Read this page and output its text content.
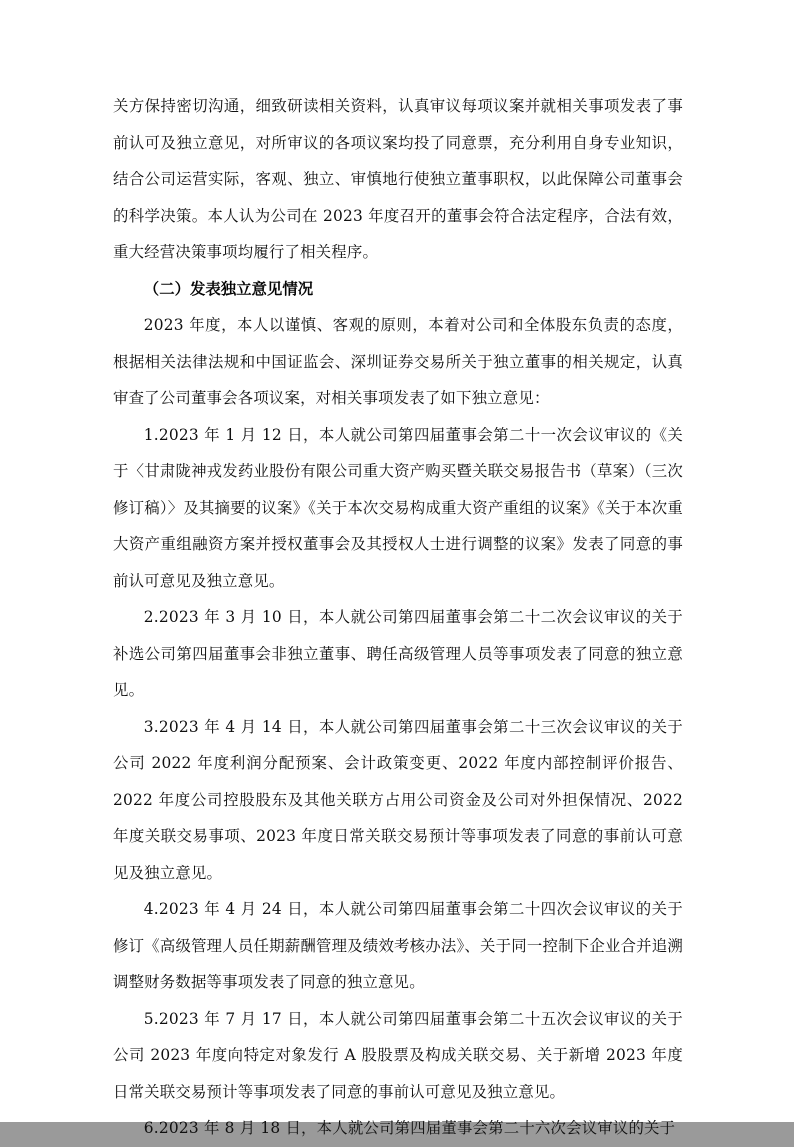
关方保持密切沟通，细致研读相关资料，认真审议每项议案并就相关事项发表了事前认可及独立意见，对所审议的各项议案均投了同意票，充分利用自身专业知识，结合公司运营实际，客观、独立、审慎地行使独立董事职权，以此保障公司董事会的科学决策。本人认为公司在 2023 年度召开的董事会符合法定程序，合法有效，重大经营决策事项均履行了相关程序。

（二）发表独立意见情况

2023 年度，本人以谨慎、客观的原则，本着对公司和全体股东负责的态度，根据相关法律法规和中国证监会、深圳证券交易所关于独立董事的相关规定，认真审查了公司董事会各项议案，对相关事项发表了如下独立意见：

1.2023 年 1 月 12 日，本人就公司第四届董事会第二十一次会议审议的《关于〈甘肃陇神戎发药业股份有限公司重大资产购买暨关联交易报告书（草案）（三次修订稿）〉及其摘要的议案》《关于本次交易构成重大资产重组的议案》《关于本次重大资产重组融资方案并授权董事会及其授权人士进行调整的议案》发表了同意的事前认可意见及独立意见。

2.2023 年 3 月 10 日，本人就公司第四届董事会第二十二次会议审议的关于补选公司第四届董事会非独立董事、聘任高级管理人员等事项发表了同意的独立意见。

3.2023 年 4 月 14 日，本人就公司第四届董事会第二十三次会议审议的关于公司 2022 年度利润分配预案、会计政策变更、2022 年度内部控制评价报告、2022 年度公司控股股东及其他关联方占用公司资金及公司对外担保情况、2022 年度关联交易事项、2023 年度日常关联交易预计等事项发表了同意的事前认可意见及独立意见。

4.2023 年 4 月 24 日，本人就公司第四届董事会第二十四次会议审议的关于修订《高级管理人员任期薪酬管理及绩效考核办法》、关于同一控制下企业合并追溯调整财务数据等事项发表了同意的独立意见。

5.2023 年 7 月 17 日，本人就公司第四届董事会第二十五次会议审议的关于公司 2023 年度向特定对象发行 A 股股票及构成关联交易、关于新增 2023 年度日常关联交易预计等事项发表了同意的事前认可意见及独立意见。

6.2023 年 8 月 18 日，本人就公司第四届董事会第二十六次会议审议的关于
